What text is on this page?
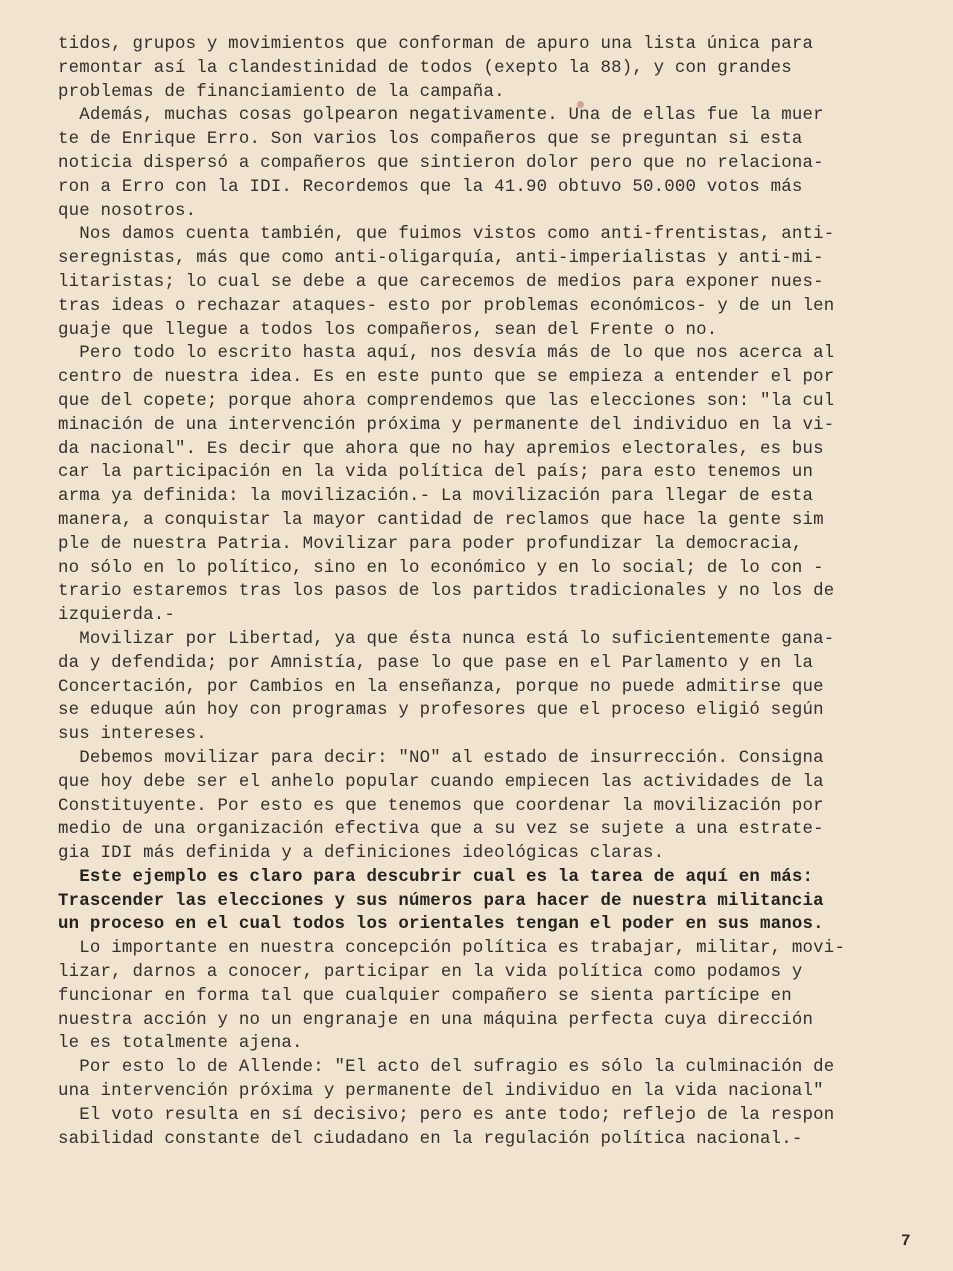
tidos, grupos y movimientos que conforman de apuro una lista única para
remontar así la clandestinidad de todos (exepto la 88), y con grandes
problemas de financiamiento de la campaña.

Además, muchas cosas golpearon negativamente. Una de ellas fue la muer
te de Enrique Erro. Son varios los compañeros que se preguntan si esta
noticia dispersó a compañeros que sintieron dolor pero que no relaciona-
ron a Erro con la IDI. Recordemos que la 41.90 obtuvo 50.000 votos más
que nosotros.

Nos damos cuenta también, que fuimos vistos como anti-frentistas, anti-
seregnistas, más que como anti-oligarquía, anti-imperialistas y anti-mi-
litaristas; lo cual se debe a que carecemos de medios para exponer nues-
tras ideas o rechazar ataques- esto por problemas económicos- y de un len
guaje que llegue a todos los compañeros, sean del Frente o no.

Pero todo lo escrito hasta aquí, nos desvía más de lo que nos acerca al
centro de nuestra idea. Es en este punto que se empieza a entender el por
que del copete; porque ahora comprendemos que las elecciones son: "la cul
minación de una intervención próxima y permanente del individuo en la vi-
da nacional". Es decir que ahora que no hay apremios electorales, es bus
car la participación en la vida política del país; para esto tenemos un
arma ya definida: la movilización.- La movilización para llegar de esta
manera, a conquistar la mayor cantidad de reclamos que hace la gente sim
ple de nuestra Patria. Movilizar para poder profundizar la democracia,
no sólo en lo político, sino en lo económico y en lo social; de lo con -
trario estaremos tras los pasos de los partidos tradicionales y no los de
izquierda.-

Movilizar por Libertad, ya que ésta nunca está lo suficientemente gana-
da y defendida; por Amnistía, pase lo que pase en el Parlamento y en la
Concertación, por Cambios en la enseñanza, porque no puede admitirse que
se eduque aún hoy con programas y profesores que el proceso eligió según
sus intereses.

Debemos movilizar para decir: "NO" al estado de insurrección. Consigna
que hoy debe ser el anhelo popular cuando empiecen las actividades de la
Constituyente. Por esto es que tenemos que coordenar la movilización por
medio de una organización efectiva que a su vez se sujete a una estrate-
gia IDI más definida y a definiciones ideológicas claras.

Este ejemplo es claro para descubrir cual es la tarea de aquí en más:
Trascender las elecciones y sus números para hacer de nuestra militancia
un proceso en el cual todos los orientales tengan el poder en sus manos.

Lo importante en nuestra concepción política es trabajar, militar, movi-
lizar, darnos a conocer, participar en la vida política como podamos y
funcionar en forma tal que cualquier compañero se sienta partícipe en
nuestra acción y no un engranaje en una máquina perfecta cuya dirección
le es totalmente ajena.

Por esto lo de Allende: "El acto del sufragio es sólo la culminación de
una intervención próxima y permanente del individuo en la vida nacional"
El voto resulta en sí decisivo; pero es ante todo; reflejo de la respon
sabilidad constante del ciudadano en la regulación política nacional.-

7
